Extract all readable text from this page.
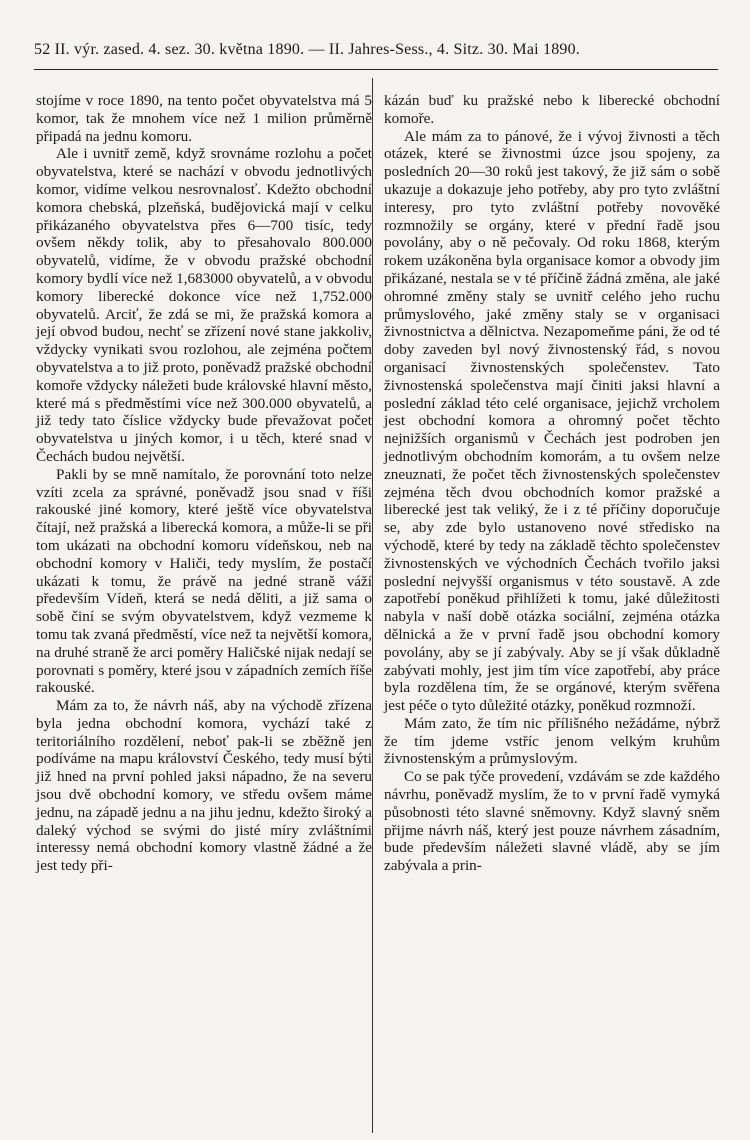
52 II. výr. zased. 4. sez. 30. května 1890. — II. Jahres-Sess., 4. Sitz. 30. Mai 1890.

stojíme v roce 1890, na tento počet obyvatelstva má 5 komor, tak že mnohem více než 1 milion průměrně připadá na jednu komoru.

Ale i uvnitř země, když srovnáme rozlohu a počet obyvatelstva, které se nachází v obvodu jednotlivých komor, vidíme velkou nesrovnalosť. Kdežto obchodní komora chebská, plzeňská, budějovická mají v celku přikázaného obyvatelstva přes 6—700 tisíc, tedy ovšem někdy tolik, aby to přesahovalo 800.000 obyvatelů, vidíme, že v obvodu pražské obchodní komory bydlí více než 1,683000 obyvatelů, a v obvodu komory liberecké dokonce více než 1,752.000 obyvatelů. Arciť, že zdá se mi, že pražská komora a její obvod budou, nechť se zřízení nové stane jakkoliv, vždycky vynikati svou rozlohou, ale zejména počtem obyvatelstva a to již proto, poněvadž pražské obchodní komoře vždycky náležeti bude královské hlavní město, které má s předměstími více než 300.000 obyvatelů, a již tedy tato číslice vždycky bude převažovat počet obyvatelstva u jiných komor, i u těch, které snad v Čechách budou největší.

Pakli by se mně namítalo, že porovnání toto nelze vzíti zcela za správné, poněvadž jsou snad v říši rakouské jiné komory, které ještě více obyvatelstva čítají, než pražská a liberecká komora, a může-li se při tom ukázati na obchodní komoru vídeňskou, neb na obchodní komory v Haliči, tedy myslím, že postačí ukázati k tomu, že právě na jedné straně váží především Vídeň, která se nedá děliti, a již sama o sobě činí se svým obyvatelstvem, když vezmeme k tomu tak zvaná předměstí, více než ta největší komora, na druhé straně že arci poměry Haličské nijak nedají se porovnati s poměry, které jsou v západních zemích říše rakouské.

Mám za to, že návrh náš, aby na východě zřízena byla jedna obchodní komora, vychází také z teritoriálního rozdělení, neboť pak-li se zběžně jen podíváme na mapu království Českého, tedy musí býti již hned na první pohled jaksi nápadno, že na severu jsou dvě obchodní komory, ve středu ovšem máme jednu, na západě jednu a na jihu jednu, kdežto široký a daleký východ se svými do jisté míry zvláštními interessy nemá obchodní komory vlastně žádné a že jest tedy při-

kázán buď ku pražské nebo k liberecké obchodní komoře.

Ale mám za to pánové, že i vývoj živnosti a těch otázek, které se živnostmi úzce jsou spojeny, za posledních 20—30 roků jest takový, že již sám o sobě ukazuje a dokazuje jeho potřeby, aby pro tyto zvláštní interesy, pro tyto zvláštní potřeby novověké rozmnožily se orgány, které v přední řadě jsou povolány, aby o ně pečovaly. Od roku 1868, kterým rokem uzákoněna byla organisace komor a obvody jim přikázané, nestala se v té příčině žádná změna, ale jaké ohromné změny staly se uvnitř celého jeho ruchu průmyslového, jaké změny staly se v organisaci živnostnictva a dělnictva. Nezapomeňme páni, že od té doby zaveden byl nový živnostenský řád, s novou organisací živnostenských společenstev. Tato živnostenská společenstva mají činiti jaksi hlavní a poslední základ této celé organisace, jejichž vrcholem jest obchodní komora a ohromný počet těchto nejnižších organismů v Čechách jest podroben jen jednotlivým obchodním komorám, a tu ovšem nelze zneuznati, že počet těch živnostenských společenstev zejména těch dvou obchodních komor pražské a liberecké jest tak veliký, že i z té příčiny doporučuje se, aby zde bylo ustanoveno nové středisko na východě, které by tedy na základě těchto společenstev živnostenských ve východních Čechách tvořilo jaksi poslední nejvyšší organismus v této soustavě. A zde zapotřebí poněkud přihlížeti k tomu, jaké důležitosti nabyla v naší době otázka sociální, zejména otázka dělnická a že v první řadě jsou obchodní komory povolány, aby se jí zabývaly. Aby se jí však důkladně zabývati mohly, jest jim tím více zapotřebí, aby práce byla rozdělena tím, že se orgánové, kterým svěřena jest péče o tyto důležité otázky, poněkud rozmnoží.

Mám zato, že tím nic přílišného nežádáme, nýbrž že tím jdeme vstříc jenom velkým kruhům živnostenským a průmyslovým.

Co se pak týče provedení, vzdávám se zde každého návrhu, poněvadž myslím, že to v první řadě vymyká působnosti této slavné sněmovny. Když slavný sněm přijme návrh náš, který jest pouze návrhem zásadním, bude především náležeti slavné vládě, aby se jím zabývala a prin-
